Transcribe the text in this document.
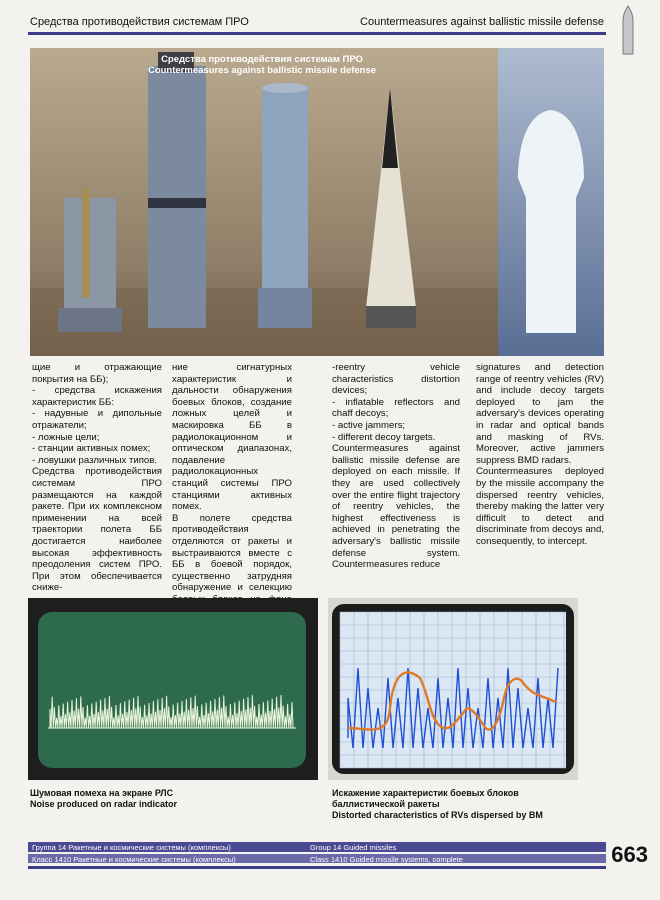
Средства противодействия системам ПРО	Countermeasures against ballistic missile defense
Средства противодействия системам ПРО
Countermeasures against ballistic missile defense

щие и отражающие покрытия на ББ);

- средства искажения характеристик ББ:

- надувные и дипольные отражатели;

- ложные цели;

- станции активных помех;

- ловушки различных типов.

Средства противодействия системам ПРО размещаются на каждой ракете. При их комплексном применении на всей траектории полета ББ достигается наиболее высокая эффективность преодоления систем ПРО. При этом обеспечивается сниже-

ние сигнатурных характеристик и дальности обнаружения боевых блоков, создание ложных целей и маскировка ББ в радиолокационном и оптическом диапазонах, подавление радиолокационных станций системы ПРО станциями активных помех.

В полете средства противодействия отделяются от ракеты и выстраиваются вместе с ББ в боевой порядок, существенно затрудняя обнаружение и селекцию

-reentry vehicle characteristics distortion devices;

- inflatable reflectors and chaff decoys;

- active jammers;

- different decoy targets.

Countermeasures against ballistic missile defense are deployed on each missile. If they are used collectively over the entire flight trajectory of reentry vehicles, the highest effectiveness is achieved in penetrating the adversary's ballistic missile defense system. Countermeasures reduce

signatures and detection range of reentry vehicles (RV) and include decoy targets deployed to jam the adversary's devices operating in radar and optical bands and masking of RVs. Moreover, active jammers suppress BMD radars.

Countermeasures deployed by the missile accompany the dispersed reentry vehicles, thereby making the latter very difficult to detect and discriminate from decoys and, consequently, to intercept.

Шумовая помеха на экране РЛС
Noise produced on radar indicator
Искажение характеристик боевых блоков
баллистической ракеты
Distorted characteristics of RVs dispersed by BM
Группа 14 Ракетные и космические системы (комплексы)	Group 14 Guided missiles
Класс 1410 Ракетные и космические системы (комплексы)	Class 1410 Guided missile systems, complete	663
